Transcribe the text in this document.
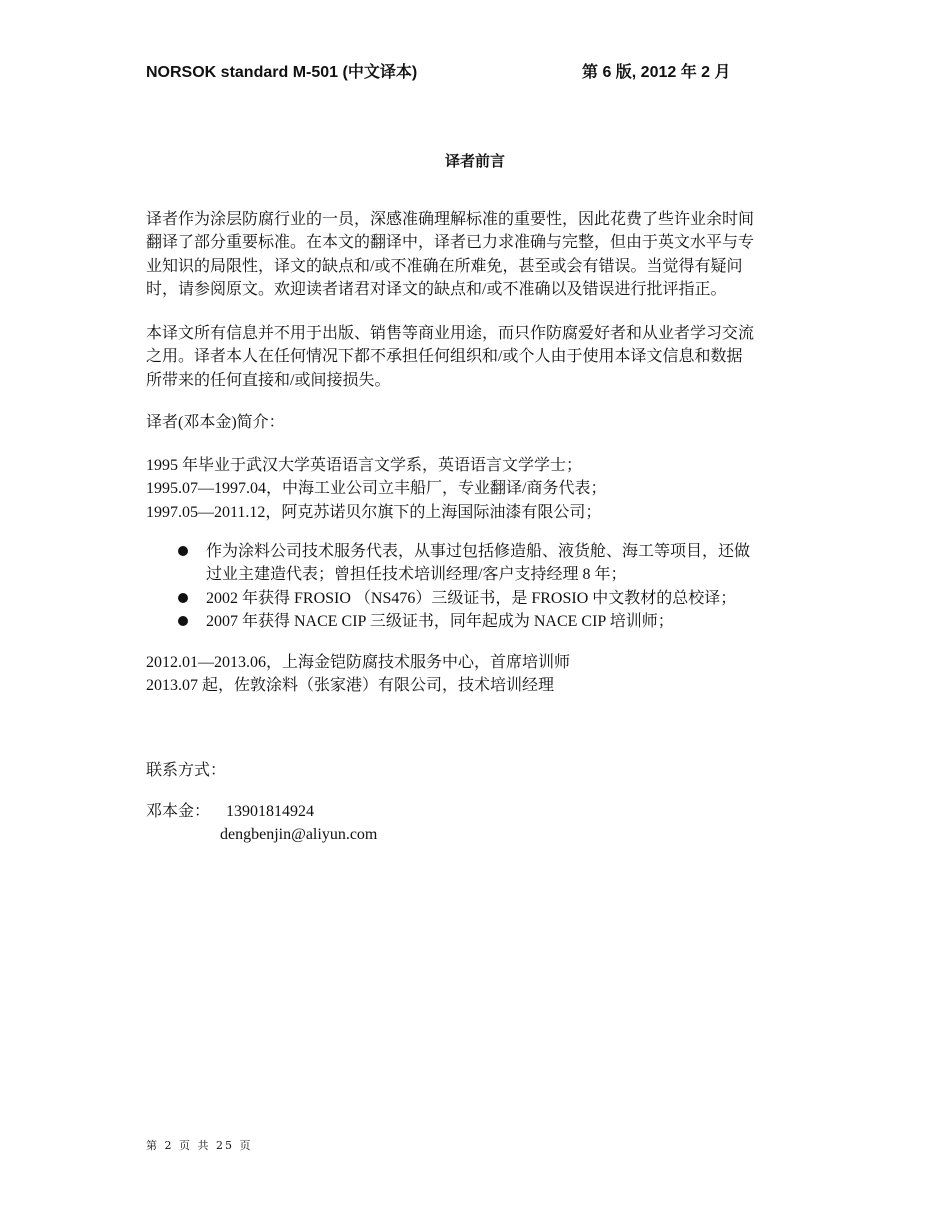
NORSOK standard M-501 (中文译本)	第 6 版, 2012 年 2 月
译者前言
译者作为涂层防腐行业的一员，深感准确理解标准的重要性，因此花费了些许业余时间
翻译了部分重要标准。在本文的翻译中，译者已力求准确与完整，但由于英文水平与专
业知识的局限性，译文的缺点和/或不准确在所难免，甚至或会有错误。当觉得有疑问
时，请参阅原文。欢迎读者诸君对译文的缺点和/或不准确以及错误进行批评指正。
本译文所有信息并不用于出版、销售等商业用途，而只作防腐爱好者和从业者学习交流
之用。译者本人在任何情况下都不承担任何组织和/或个人由于使用本译文信息和数据
所带来的任何直接和/或间接损失。
译者(邓本金)简介：
1995 年毕业于武汉大学英语语言文学系，英语语言文学学士；
1995.07—1997.04，中海工业公司立丰船厂，专业翻译/商务代表；
1997.05—2011.12，阿克苏诺贝尔旗下的上海国际油漆有限公司；
作为涂料公司技术服务代表，从事过包括修造船、液货舱、海工等项目，还做
过业主建造代表；曾担任技术培训经理/客户支持经理 8 年；
2002 年获得 FROSIO （NS476）三级证书，是 FROSIO 中文教材的总校译；
2007 年获得 NACE CIP 三级证书，同年起成为 NACE CIP 培训师；
2012.01—2013.06，上海金铠防腐技术服务中心，首席培训师
2013.07 起，佐敦涂料（张家港）有限公司，技术培训经理
联系方式：
邓本金： 13901814924
dengbenjin@aliyun.com
第 2 页 共 25 页
